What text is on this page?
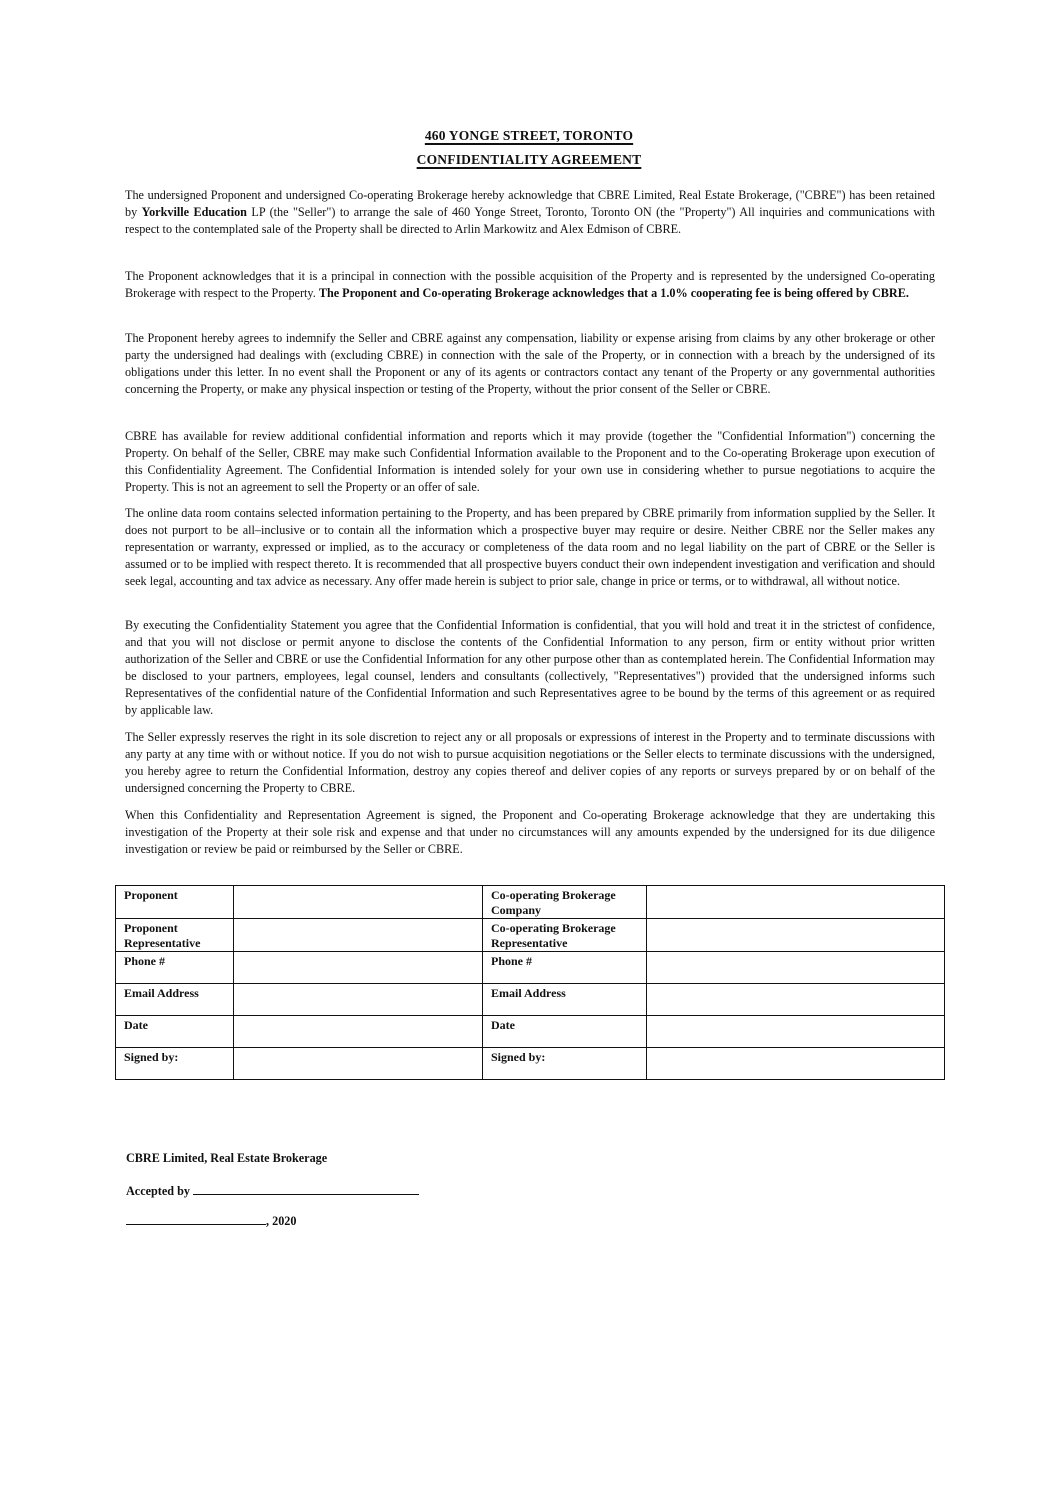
460 YONGE STREET, TORONTO
CONFIDENTIALITY AGREEMENT
The undersigned Proponent and undersigned Co-operating Brokerage hereby acknowledge that CBRE Limited, Real Estate Brokerage, ("CBRE") has been retained by Yorkville Education LP (the "Seller") to arrange the sale of 460 Yonge Street, Toronto, Toronto ON (the "Property") All inquiries and communications with respect to the contemplated sale of the Property shall be directed to Arlin Markowitz and Alex Edmison of CBRE.
The Proponent acknowledges that it is a principal in connection with the possible acquisition of the Property and is represented by the undersigned Co-operating Brokerage with respect to the Property. The Proponent and Co-operating Brokerage acknowledges that a 1.0% cooperating fee is being offered by CBRE.
The Proponent hereby agrees to indemnify the Seller and CBRE against any compensation, liability or expense arising from claims by any other brokerage or other party the undersigned had dealings with (excluding CBRE) in connection with the sale of the Property, or in connection with a breach by the undersigned of its obligations under this letter. In no event shall the Proponent or any of its agents or contractors contact any tenant of the Property or any governmental authorities concerning the Property, or make any physical inspection or testing of the Property, without the prior consent of the Seller or CBRE.
CBRE has available for review additional confidential information and reports which it may provide (together the "Confidential Information") concerning the Property. On behalf of the Seller, CBRE may make such Confidential Information available to the Proponent and to the Co-operating Brokerage upon execution of this Confidentiality Agreement. The Confidential Information is intended solely for your own use in considering whether to pursue negotiations to acquire the Property. This is not an agreement to sell the Property or an offer of sale.
The online data room contains selected information pertaining to the Property, and has been prepared by CBRE primarily from information supplied by the Seller. It does not purport to be all–inclusive or to contain all the information which a prospective buyer may require or desire. Neither CBRE nor the Seller makes any representation or warranty, expressed or implied, as to the accuracy or completeness of the data room and no legal liability on the part of CBRE or the Seller is assumed or to be implied with respect thereto. It is recommended that all prospective buyers conduct their own independent investigation and verification and should seek legal, accounting and tax advice as necessary. Any offer made herein is subject to prior sale, change in price or terms, or to withdrawal, all without notice.
By executing the Confidentiality Statement you agree that the Confidential Information is confidential, that you will hold and treat it in the strictest of confidence, and that you will not disclose or permit anyone to disclose the contents of the Confidential Information to any person, firm or entity without prior written authorization of the Seller and CBRE or use the Confidential Information for any other purpose other than as contemplated herein. The Confidential Information may be disclosed to your partners, employees, legal counsel, lenders and consultants (collectively, "Representatives") provided that the undersigned informs such Representatives of the confidential nature of the Confidential Information and such Representatives agree to be bound by the terms of this agreement or as required by applicable law.
The Seller expressly reserves the right in its sole discretion to reject any or all proposals or expressions of interest in the Property and to terminate discussions with any party at any time with or without notice. If you do not wish to pursue acquisition negotiations or the Seller elects to terminate discussions with the undersigned, you hereby agree to return the Confidential Information, destroy any copies thereof and deliver copies of any reports or surveys prepared by or on behalf of the undersigned concerning the Property to CBRE.
When this Confidentiality and Representation Agreement is signed, the Proponent and Co-operating Brokerage acknowledge that they are undertaking this investigation of the Property at their sole risk and expense and that under no circumstances will any amounts expended by the undersigned for its due diligence investigation or review be paid or reimbursed by the Seller or CBRE.
Proponent		Co-operating Brokerage Company	
Proponent Representative		Co-operating Brokerage Representative	
Phone #		Phone #	
Email Address		Email Address	
Date		Date	
Signed by:		Signed by:	
CBRE Limited, Real Estate Brokerage
Accepted by
, 2020
